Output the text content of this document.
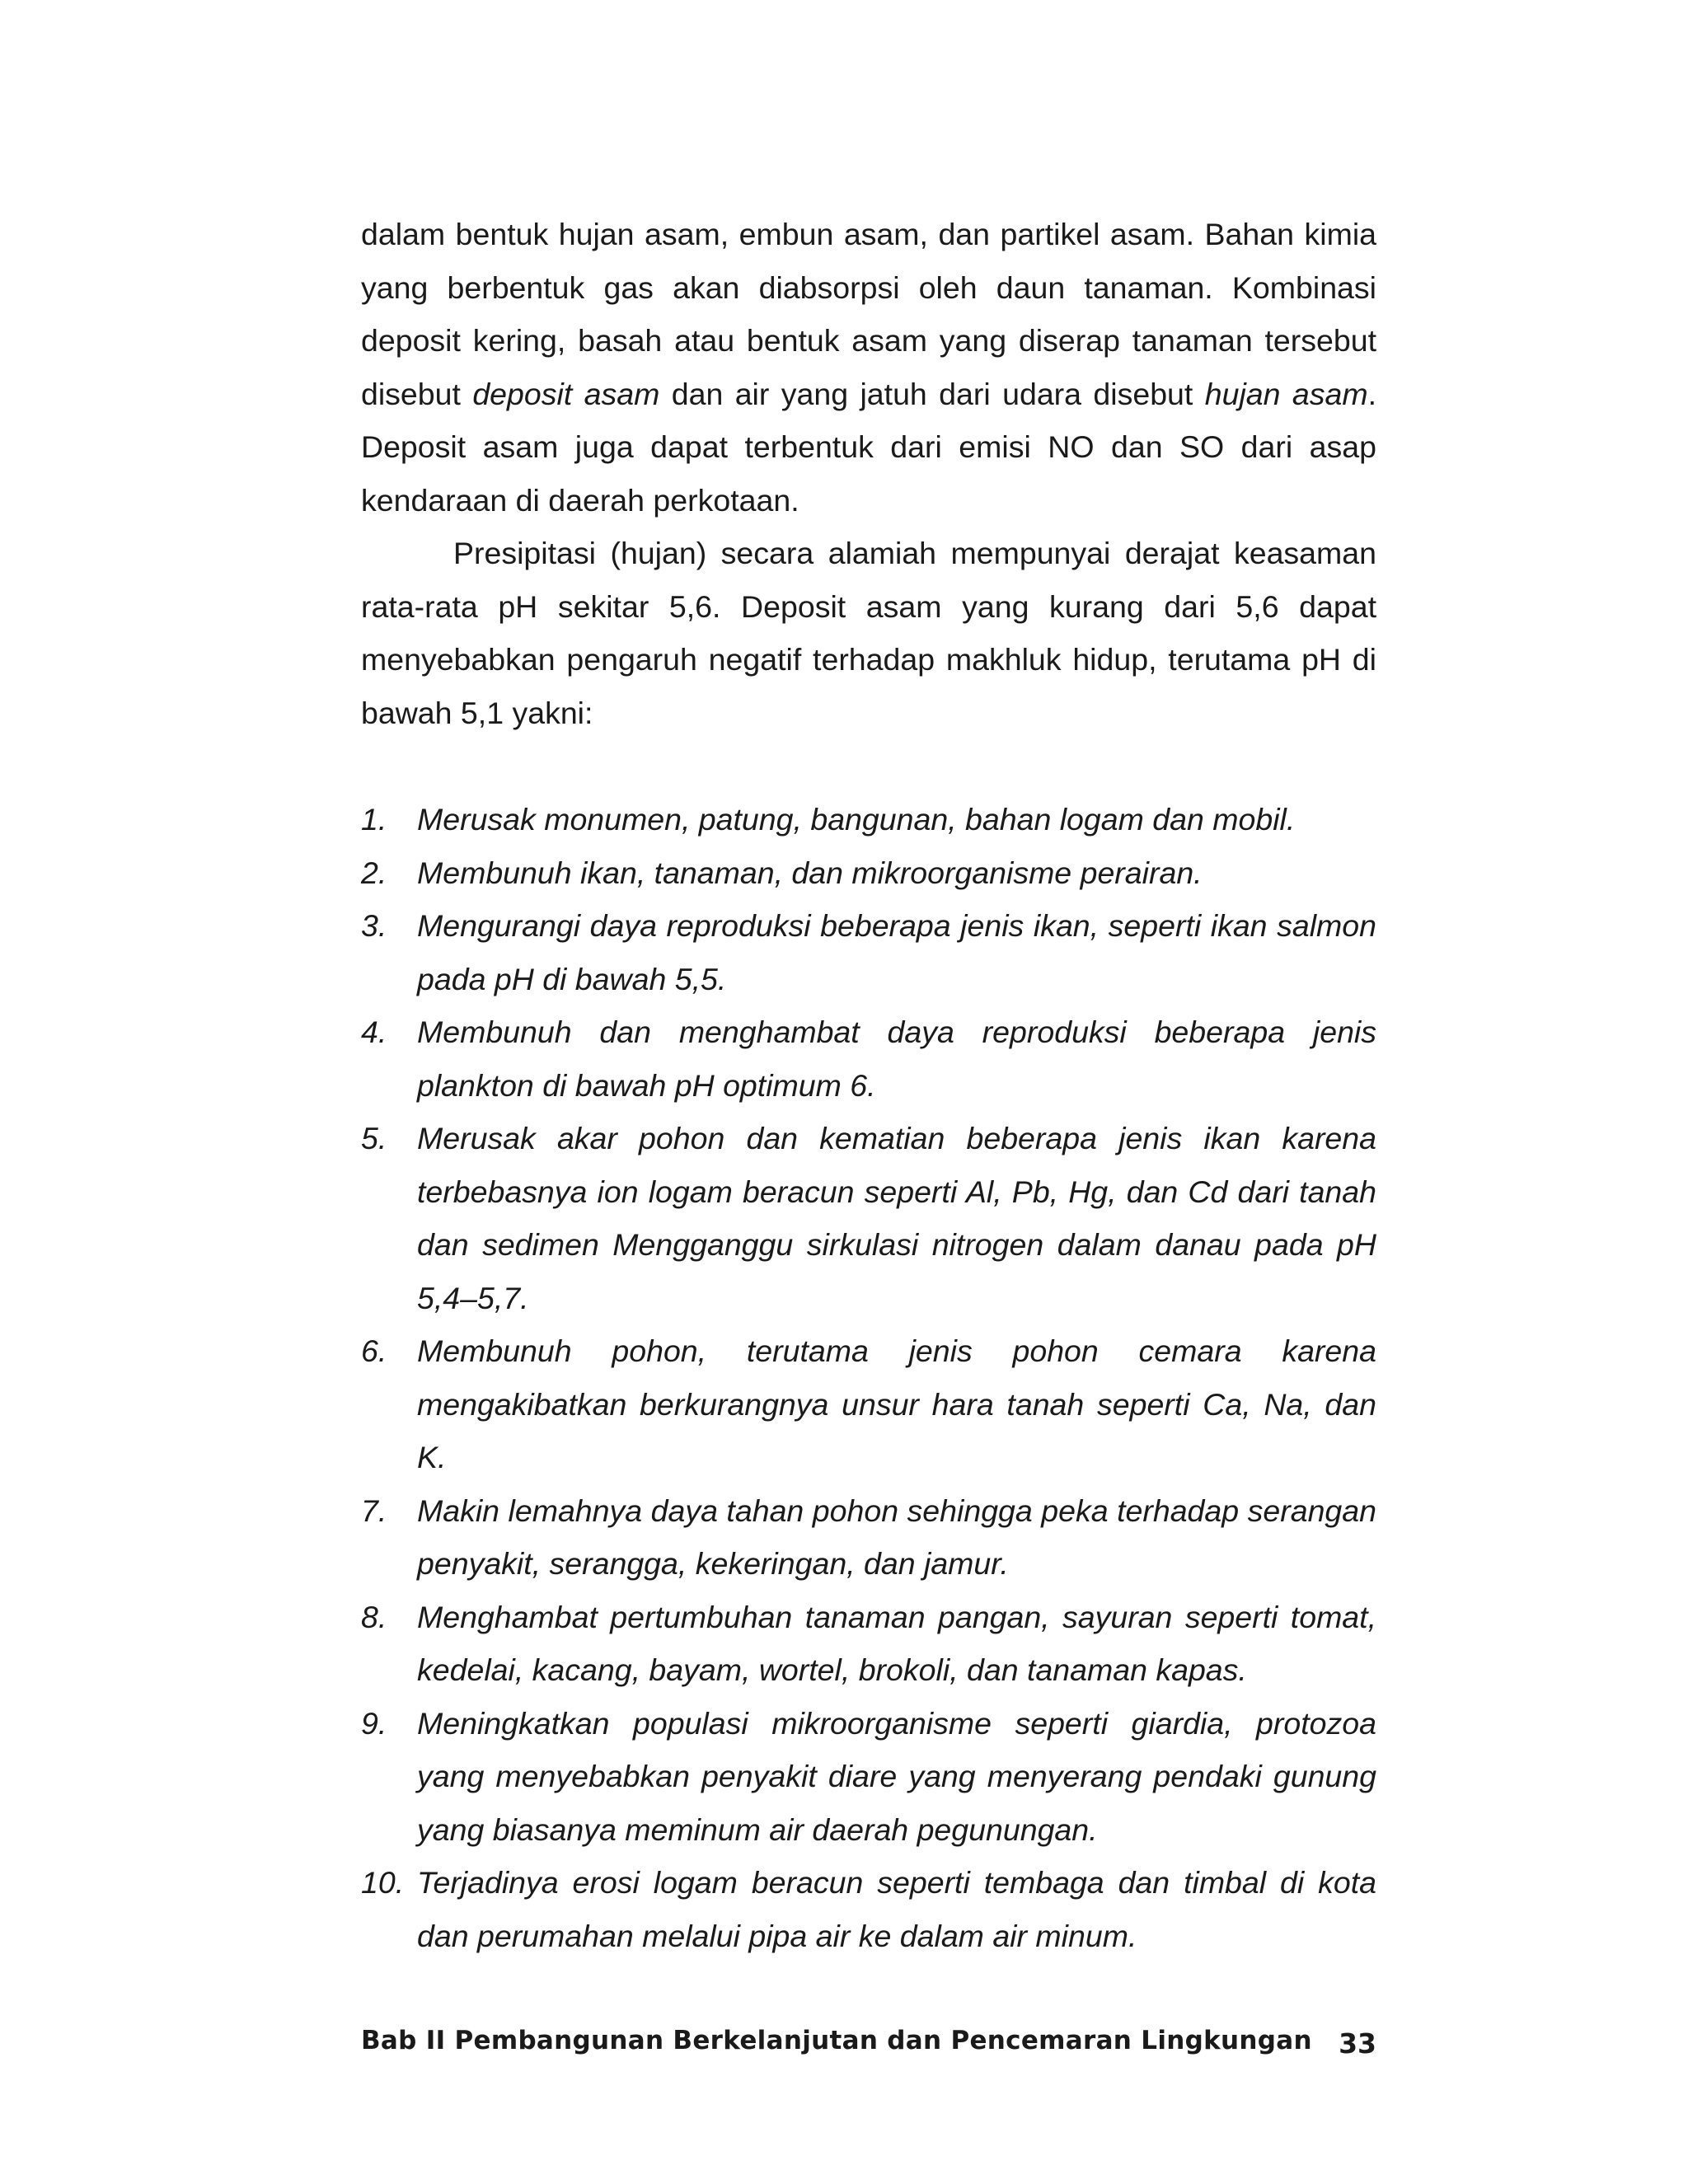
dalam bentuk hujan asam, embun asam, dan partikel asam. Bahan kimia yang berbentuk gas akan diabsorpsi oleh daun tanaman. Kombinasi deposit kering, basah atau bentuk asam yang diserap tanaman tersebut disebut deposit asam dan air yang jatuh dari udara disebut hujan asam. Deposit asam juga dapat terbentuk dari emisi NO dan SO dari asap kendaraan di daerah perkotaan.

Presipitasi (hujan) secara alamiah mempunyai derajat keasaman rata-rata pH sekitar 5,6. Deposit asam yang kurang dari 5,6 dapat menyebabkan pengaruh negatif terhadap makhluk hidup, terutama pH di bawah 5,1 yakni:

1. Merusak monumen, patung, bangunan, bahan logam dan mobil.
2. Membunuh ikan, tanaman, dan mikroorganisme perairan.
3. Mengurangi daya reproduksi beberapa jenis ikan, seperti ikan salmon pada pH di bawah 5,5.
4. Membunuh dan menghambat daya reproduksi beberapa jenis plankton di bawah pH optimum 6.
5. Merusak akar pohon dan kematian beberapa jenis ikan karena terbebasnya ion logam beracun seperti Al, Pb, Hg, dan Cd dari tanah dan sedimen Mengganggu sirkulasi nitrogen dalam danau pada pH 5,4–5,7.
6. Membunuh pohon, terutama jenis pohon cemara karena mengakibatkan berkurangnya unsur hara tanah seperti Ca, Na, dan K.
7. Makin lemahnya daya tahan pohon sehingga peka terhadap serangan penyakit, serangga, kekeringan, dan jamur.
8. Menghambat pertumbuhan tanaman pangan, sayuran seperti tomat, kedelai, kacang, bayam, wortel, brokoli, dan tanaman kapas.
9. Meningkatkan populasi mikroorganisme seperti giardia, protozoa yang menyebabkan penyakit diare yang menyerang pendaki gunung yang biasanya meminum air daerah pegunungan.
10. Terjadinya erosi logam beracun seperti tembaga dan timbal di kota dan perumahan melalui pipa air ke dalam air minum.
Bab II Pembangunan Berkelanjutan dan Pencemaran Lingkungan 33
